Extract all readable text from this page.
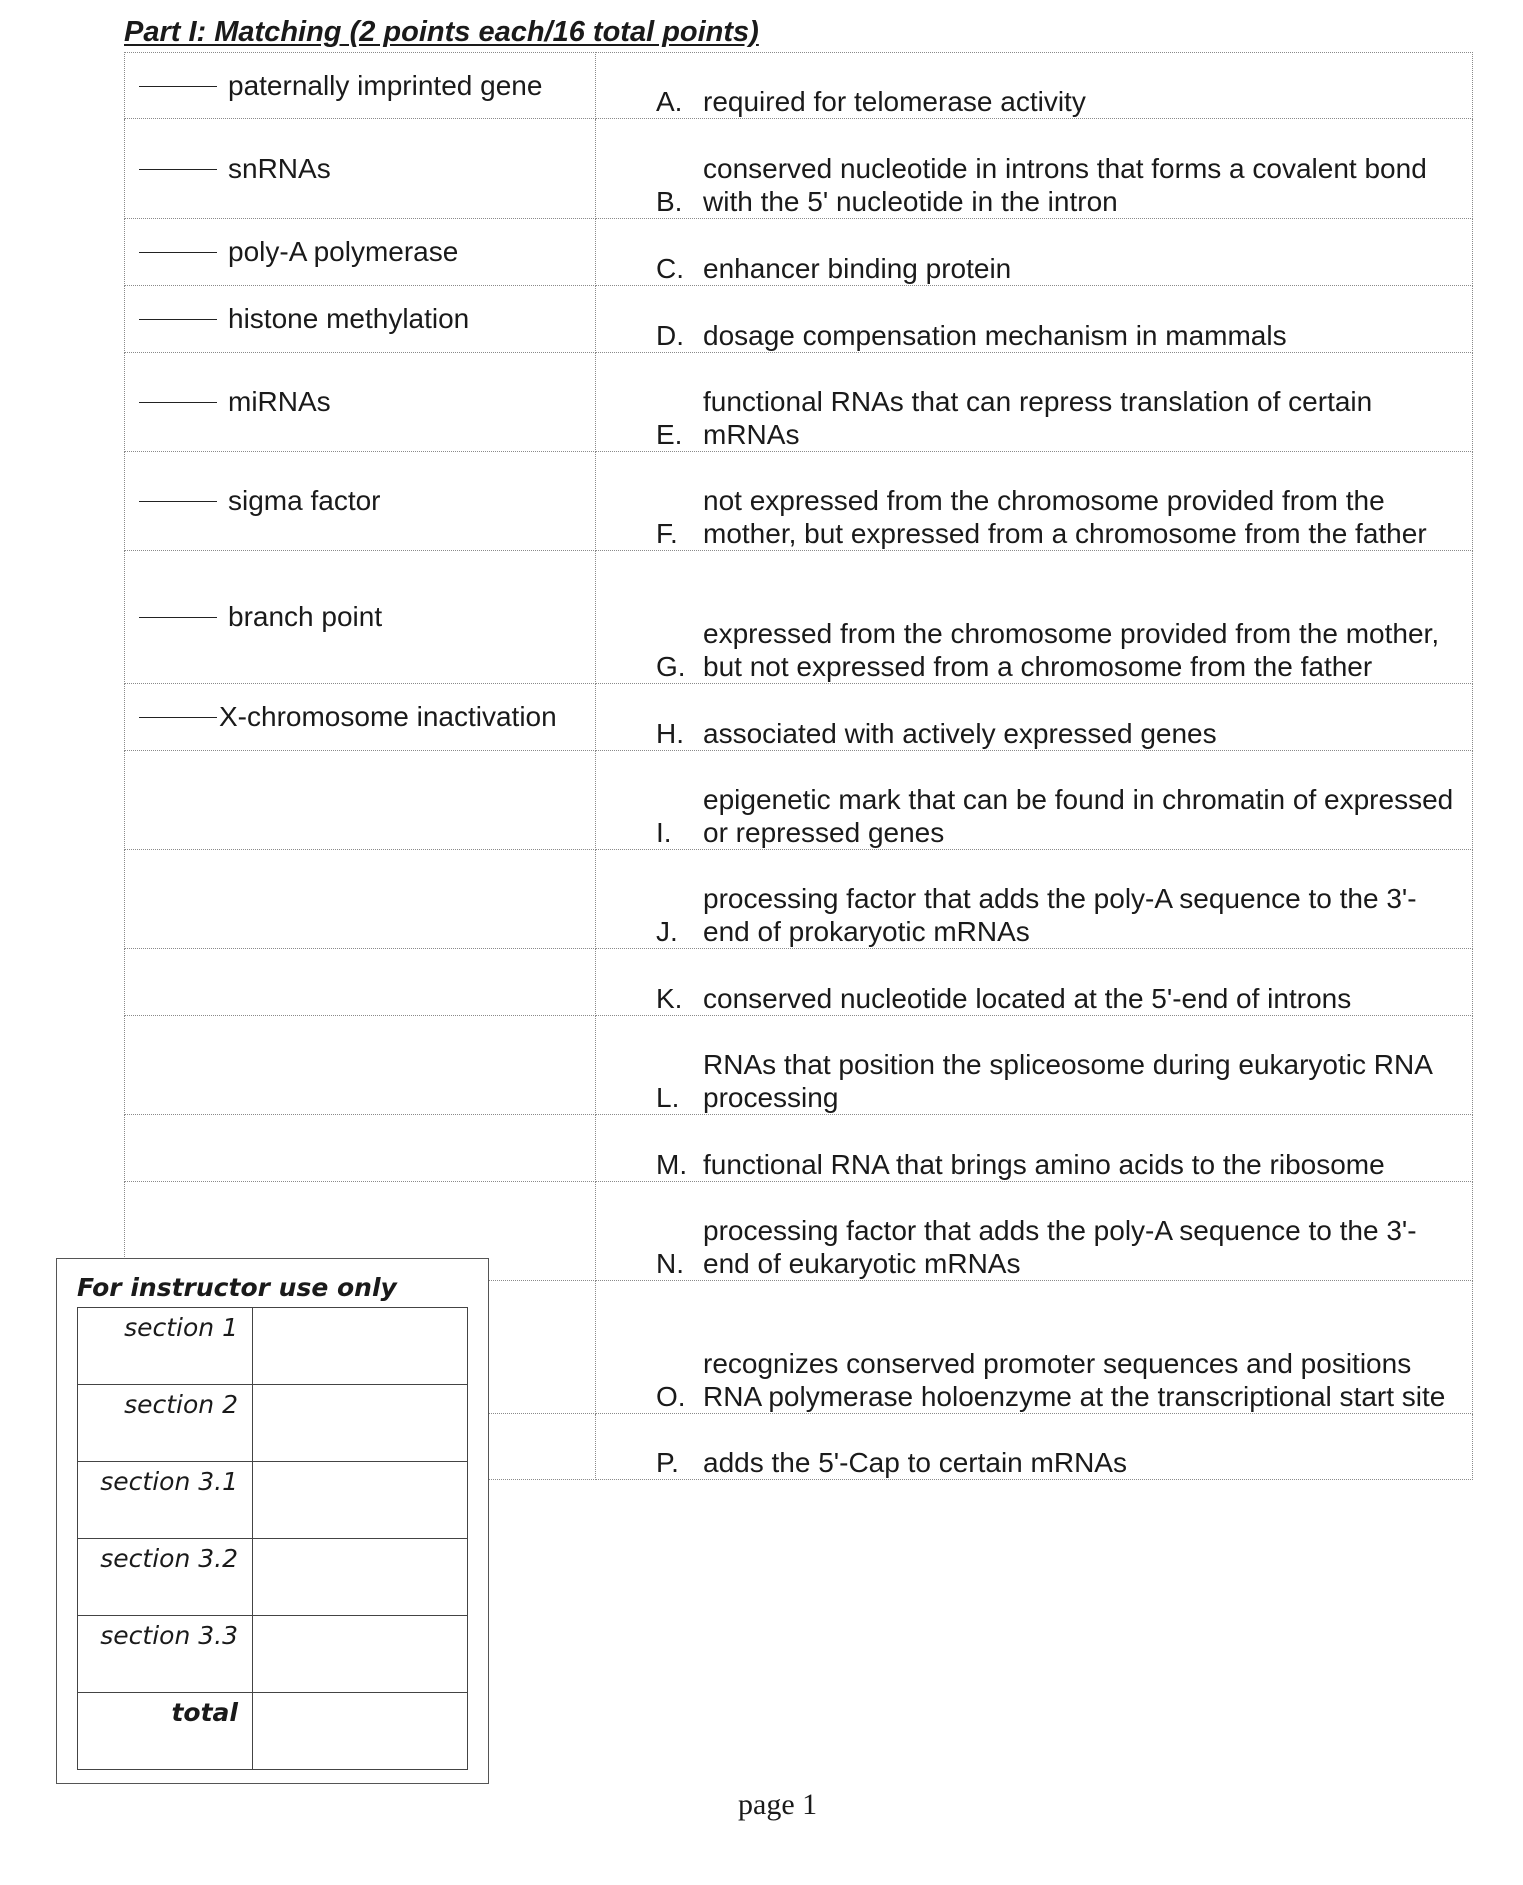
Part I: Matching (2 points each/16 total points)
paternally imprinted gene	A. required for telomerase activity

snRNAs	B.
conserved nucleotide in introns that forms a covalent bond with the 5' nucleotide in the intron

poly-A polymerase	C. enhancer binding protein

histone methylation	D. dosage compensation mechanism in mammals

miRNAs	E.
functional RNAs that can repress translation of certain mRNAs

sigma factor	F.
not expressed from the chromosome provided from the mother, but expressed from a chromosome from the father

branch point	G.
expressed from the chromosome provided from the mother, but not expressed from a chromosome from the father

X-chromosome inactivation	H. associated with actively expressed genes

	I.
epigenetic mark that can be found in chromatin of expressed or repressed genes

	J.
processing factor that adds the poly-A sequence to the 3'-end of prokaryotic mRNAs

	K. conserved nucleotide located at the 5'-end of introns

	L.
RNAs that position the spliceosome during eukaryotic RNA processing

	M. functional RNA that brings amino acids to the ribosome

	N.
processing factor that adds the poly-A sequence to the 3'-end of eukaryotic mRNAs

	O.
recognizes conserved promoter sequences and positions RNA polymerase holoenzyme at the transcriptional start site

	P. adds the 5'-Cap to certain mRNAs
For instructor use only
section 1	

section 2	

section 3.1	

section 3.2	

section 3.3	

total	

page 1
